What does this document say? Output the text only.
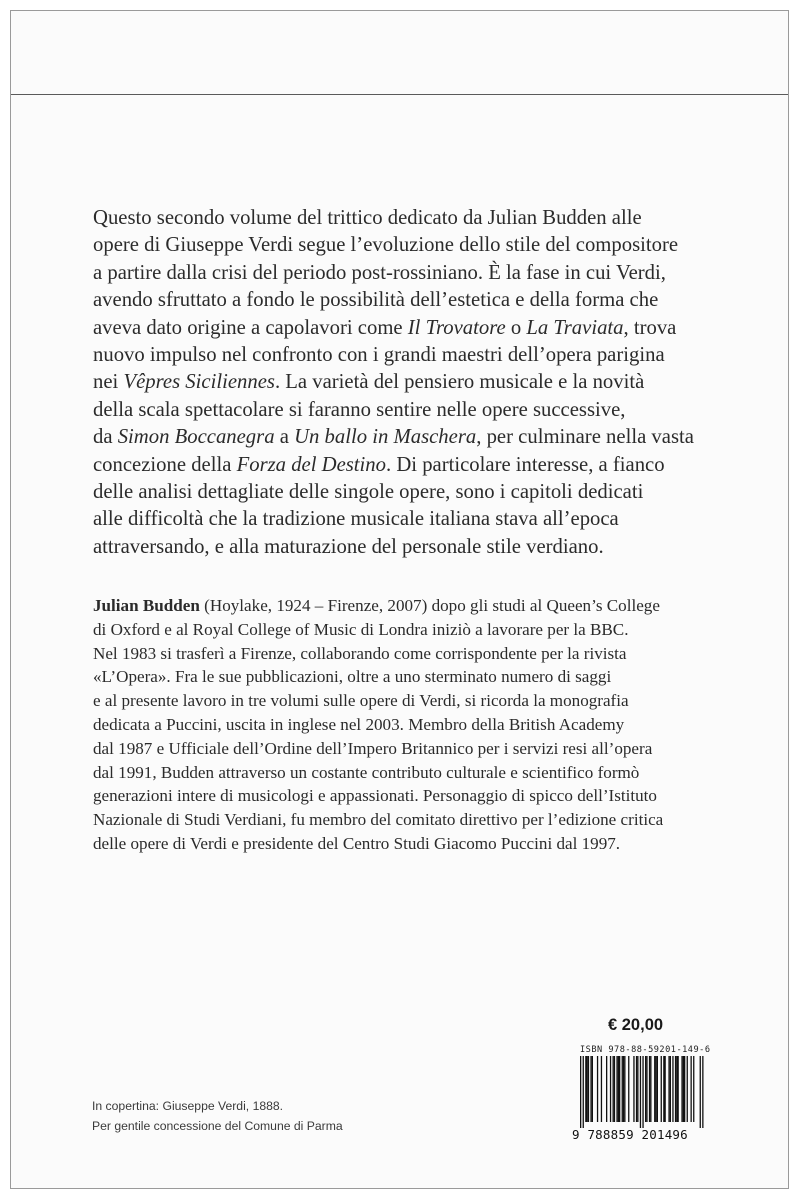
Questo secondo volume del trittico dedicato da Julian Budden alle
opere di Giuseppe Verdi segue l’evoluzione dello stile del compositore
a partire dalla crisi del periodo post-rossiniano. È la fase in cui Verdi,
avendo sfruttato a fondo le possibilità dell’estetica e della forma che
aveva dato origine a capolavori come Il Trovatore o La Traviata, trova
nuovo impulso nel confronto con i grandi maestri dell’opera parigina
nei Vêpres Siciliennes. La varietà del pensiero musicale e la novità
della scala spettacolare si faranno sentire nelle opere successive,
da Simon Boccanegra a Un ballo in Maschera, per culminare nella vasta
concezione della Forza del Destino. Di particolare interesse, a fianco
delle analisi dettagliate delle singole opere, sono i capitoli dedicati
alle difficoltà che la tradizione musicale italiana stava all’epoca
attraversando, e alla maturazione del personale stile verdiano.
Julian Budden (Hoylake, 1924 – Firenze, 2007) dopo gli studi al Queen’s College
di Oxford e al Royal College of Music di Londra iniziò a lavorare per la BBC.
Nel 1983 si trasferì a Firenze, collaborando come corrispondente per la rivista
«L’Opera». Fra le sue pubblicazioni, oltre a uno sterminato numero di saggi
e al presente lavoro in tre volumi sulle opere di Verdi, si ricorda la monografia
dedicata a Puccini, uscita in inglese nel 2003. Membro della British Academy
dal 1987 e Ufficiale dell’Ordine dell’Impero Britannico per i servizi resi all’opera
dal 1991, Budden attraverso un costante contributo culturale e scientifico formò
generazioni intere di musicologi e appassionati. Personaggio di spicco dell’Istituto
Nazionale di Studi Verdiani, fu membro del comitato direttivo per l’edizione critica
delle opere di Verdi e presidente del Centro Studi Giacomo Puccini dal 1997.
In copertina: Giuseppe Verdi, 1888.
Per gentile concessione del Comune di Parma
€ 20,00
ISBN 978-88-59201-149-6
9 788859 201496
